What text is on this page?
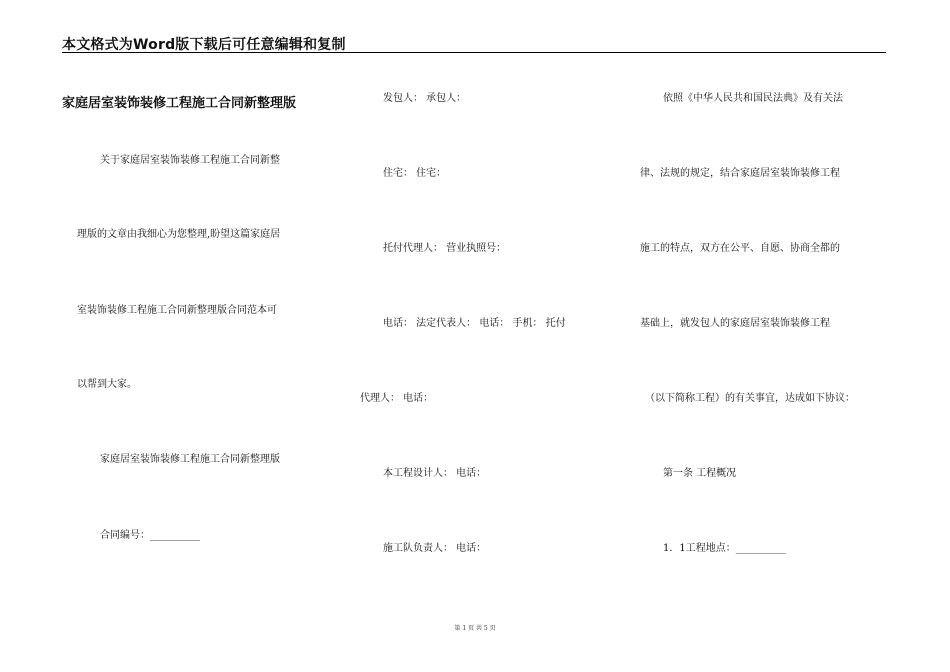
本文格式为Word版下载后可任意编辑和复制
家庭居室装饰装修工程施工合同新整理版
关于家庭居室装饰装修工程施工合同新整
理版的文章由我细心为您整理,盼望这篇家庭居
室装饰装修工程施工合同新整理版合同范本可
以帮到大家。
家庭居室装饰装修工程施工合同新整理版
合同编号：__________
发包人： 承包人：
住宅： 住宅：
托付代理人： 营业执照号：
电话： 法定代表人： 电话： 手机： 托付
代理人： 电话：
本工程设计人： 电话：
施工队负责人： 电话：
依照《中华人民共和国民法典》及有关法
律、法规的规定，结合家庭居室装饰装修工程
施工的特点，双方在公平、自愿、协商全都的
基础上，就发包人的家庭居室装饰装修工程
（以下简称工程）的有关事宜，达成如下协议：
第一条 工程概况
1．1工程地点：__________
第 1 页 共 5 页
